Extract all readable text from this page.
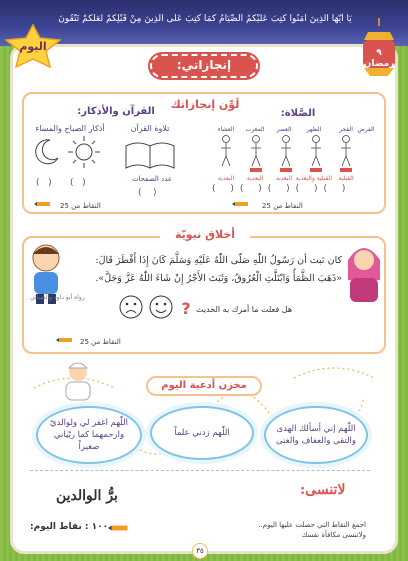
يَا أَيُّهَا الَّذِينَ آمَنُوا كُتِبَ عَلَيْكُمُ الصِّيَامُ كَمَا كُتِبَ عَلَى الَّذِينَ مِنْ قَبْلِكُمْ لَعَلَّكُمْ تَتَّقُونَ
اليوم	٩
رمضان
إنجازاتي:
لَوِّن إنجازاتك
الصَّلاة:
القرآن والأذكار:
الفرض
الفجر
الظهر
العصر
المغرب
العشاء
القبلية
القبلية والبعدية
البعدية
البعدية
البعدية
تلاوة القرآن
أذكار الصباح والمساء
عدد الصفحات
(    )
(   )
(   )
( )( )( )( )( )
النقاط من 25
النقاط من 25
أخلاق نبويّة
كان ثبت أن رَسُولُ اللّٰهِ صَلّى اللّٰهُ عَلَيْهِ وَسَلَّمَ كَانَ إِذَا أَفْطَرَ قَالَ: «ذَهَبَ الظَّمَأُ وَابْتَلَّتِ الْعُرُوقُ، وَثَبَتَ الأَجْرُ إِنْ شَاءَ اللّٰهُ عَزَّ وَجَلَّ».
رواه أبو داود والنسائي
? هل فعلت ما أمرك به الحديث
النقاط من 25
مخزن أدعية اليوم
اللّٰهم إني أسألك الهدى والتقى والعفاف والغنى
اللّٰهم زدني علماً
اللّٰهم اغفر لي ولوالديّ وارحمهما كما ربّياني صغيراً
لاتنسى:
برُّ الوالدين
اجمع النقاط التي حصلت عليها اليوم..
ولاتنسى مكافأة نفسك
١٠٠ : نقاط اليوم:
٣٥
